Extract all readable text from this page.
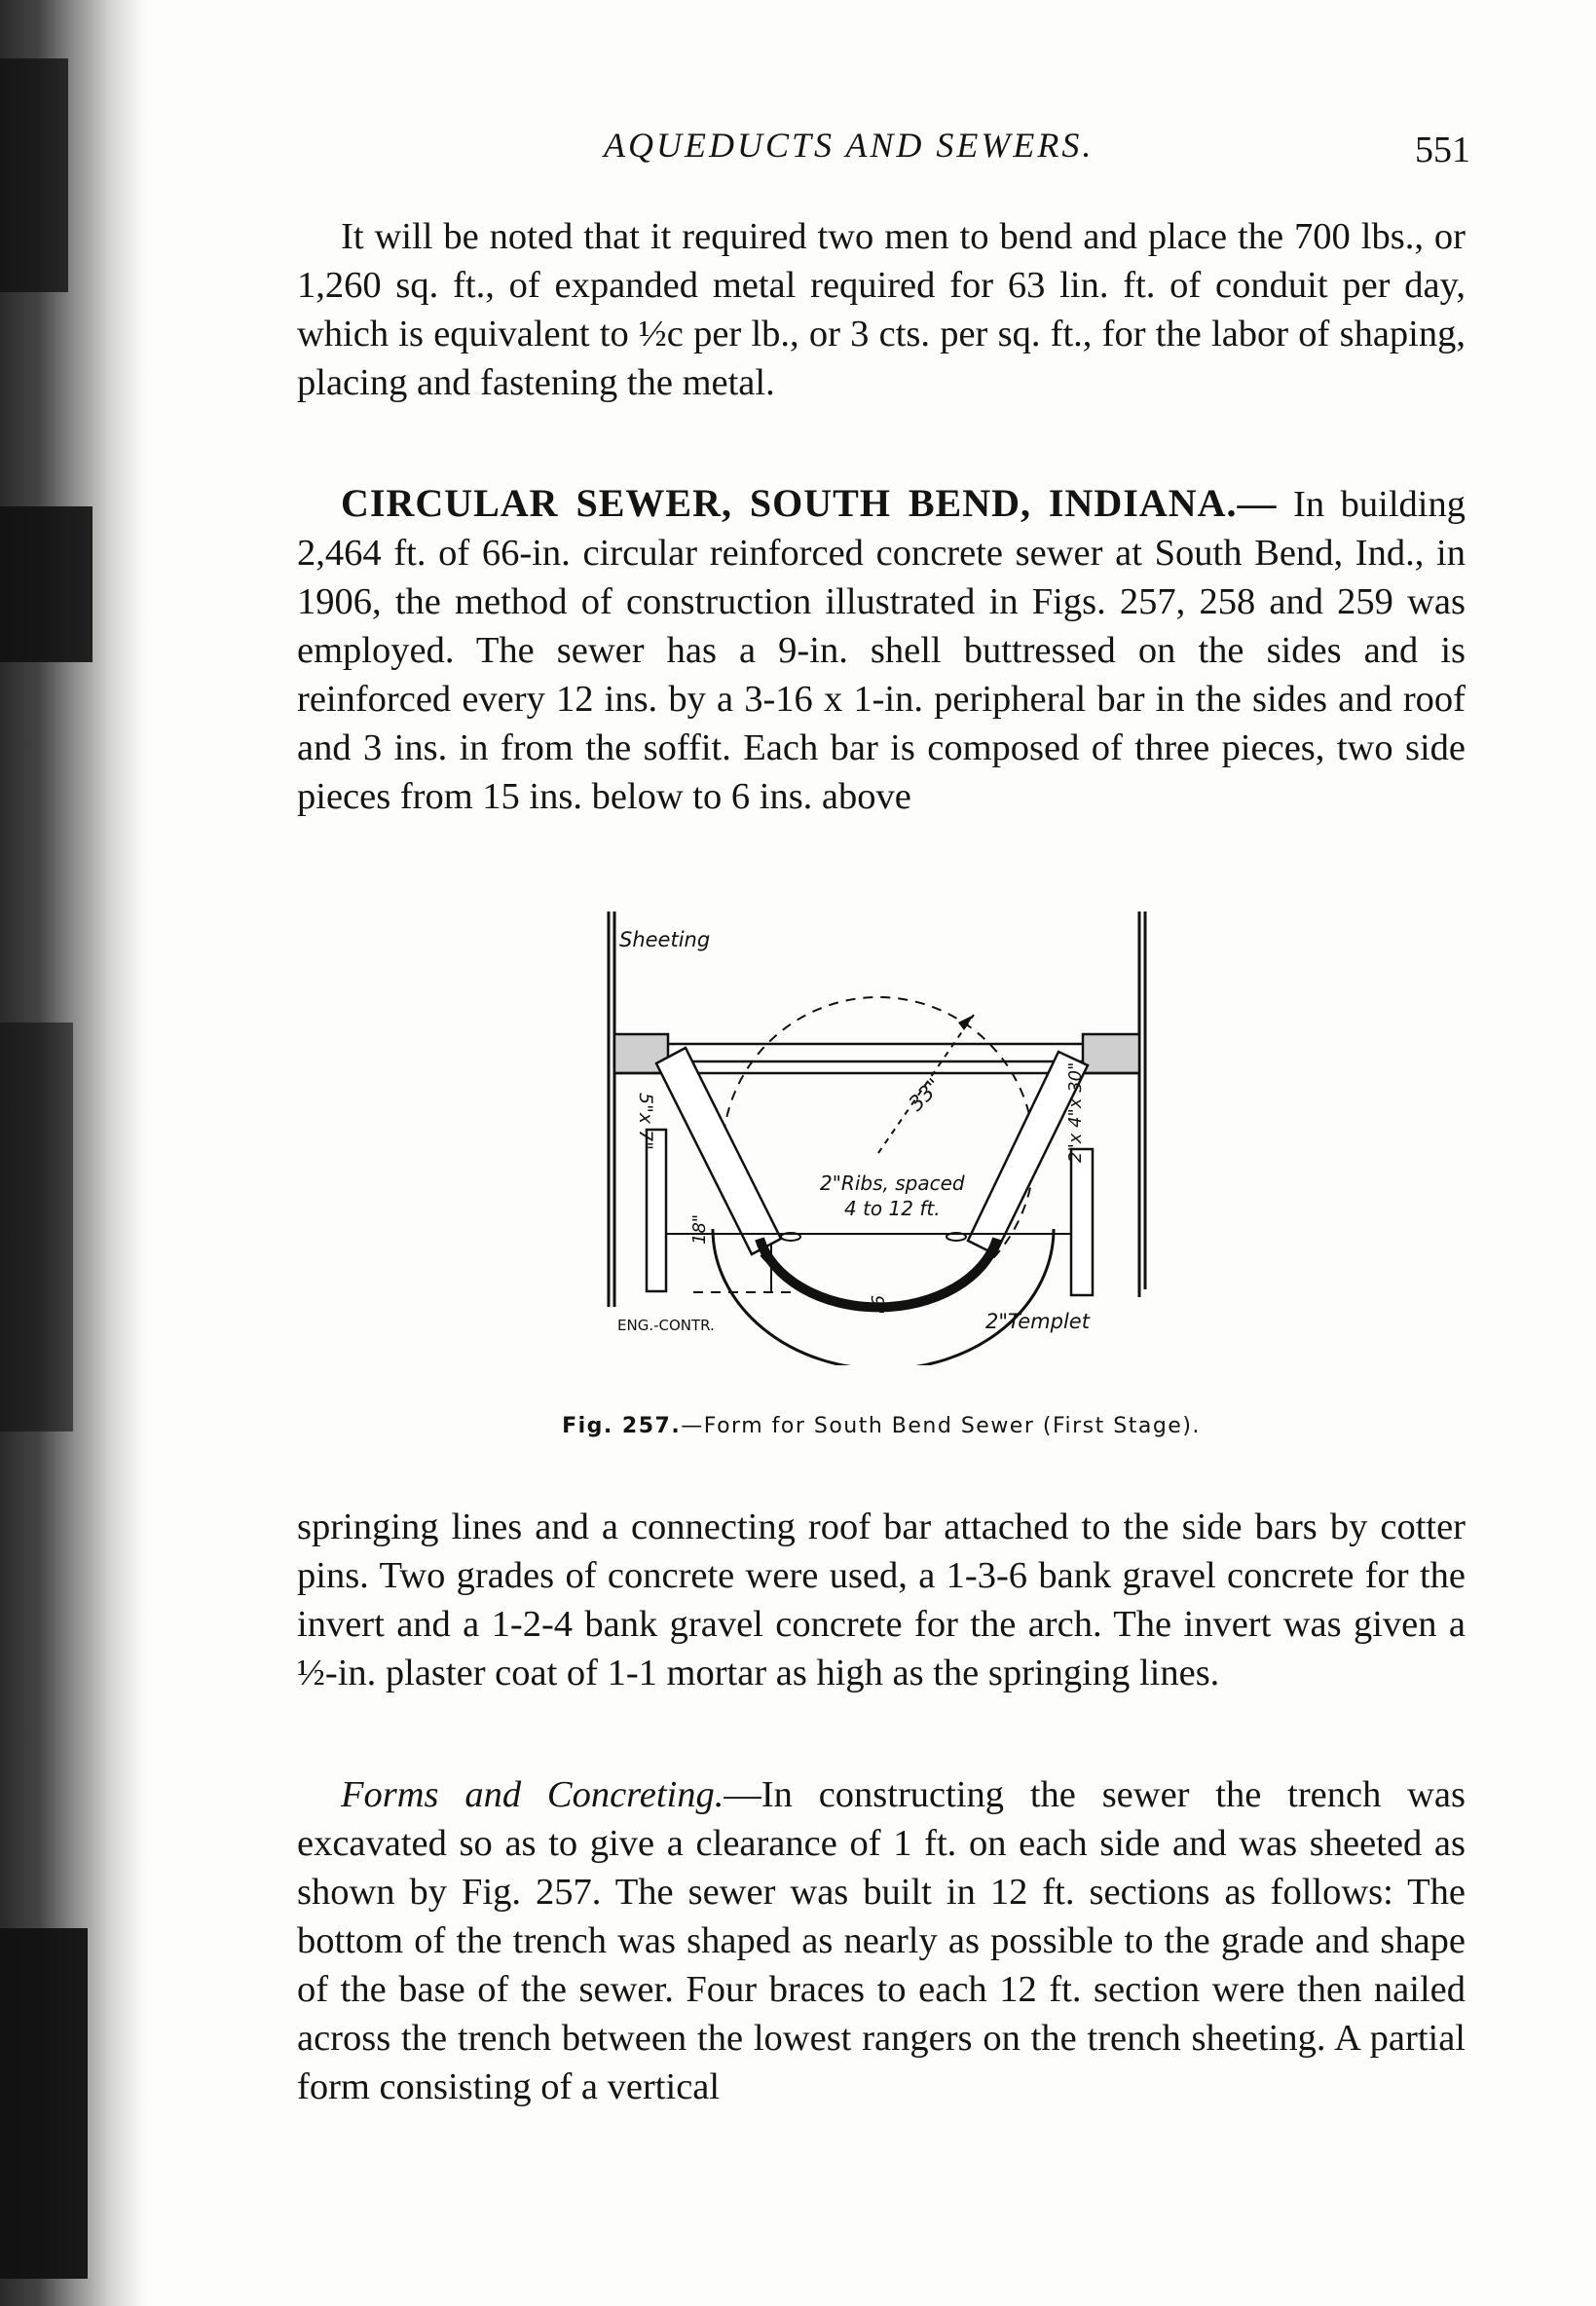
AQUEDUCTS AND SEWERS.	551

It will be noted that it required two men to bend and place the 700 lbs., or 1,260 sq. ft., of expanded metal required for 63 lin. ft. of conduit per day, which is equivalent to ½c per lb., or 3 cts. per sq. ft., for the labor of shaping, placing and fastening the metal.

CIRCULAR SEWER, SOUTH BEND, INDIANA.— In building 2,464 ft. of 66-in. circular reinforced concrete sewer at South Bend, Ind., in 1906, the method of construction illustrated in Figs. 257, 258 and 259 was employed. The sewer has a 9-in. shell buttressed on the sides and is reinforced every 12 ins. by a 3-16 x 1-in. peripheral bar in the sides and roof and 3 ins. in from the soffit. Each bar is composed of three pieces, two side pieces from 15 ins. below to 6 ins. above

Sheeting
33"
2"Ribs, spaced
4 to 12 ft.
5"x 7"	2"x 4"x 30"
18"
9"
2"Templet
ENG.-CONTR.
Fig. 257.—Form for South Bend Sewer (First Stage).

springing lines and a connecting roof bar attached to the side bars by cotter pins. Two grades of concrete were used, a 1-3-6 bank gravel concrete for the invert and a 1-2-4 bank gravel concrete for the arch. The invert was given a ½-in. plaster coat of 1-1 mortar as high as the springing lines.

Forms and Concreting.—In constructing the sewer the trench was excavated so as to give a clearance of 1 ft. on each side and was sheeted as shown by Fig. 257. The sewer was built in 12 ft. sections as follows: The bottom of the trench was shaped as nearly as possible to the grade and shape of the base of the sewer. Four braces to each 12 ft. section were then nailed across the trench between the lowest rangers on the trench sheeting. A partial form consisting of a vertical
